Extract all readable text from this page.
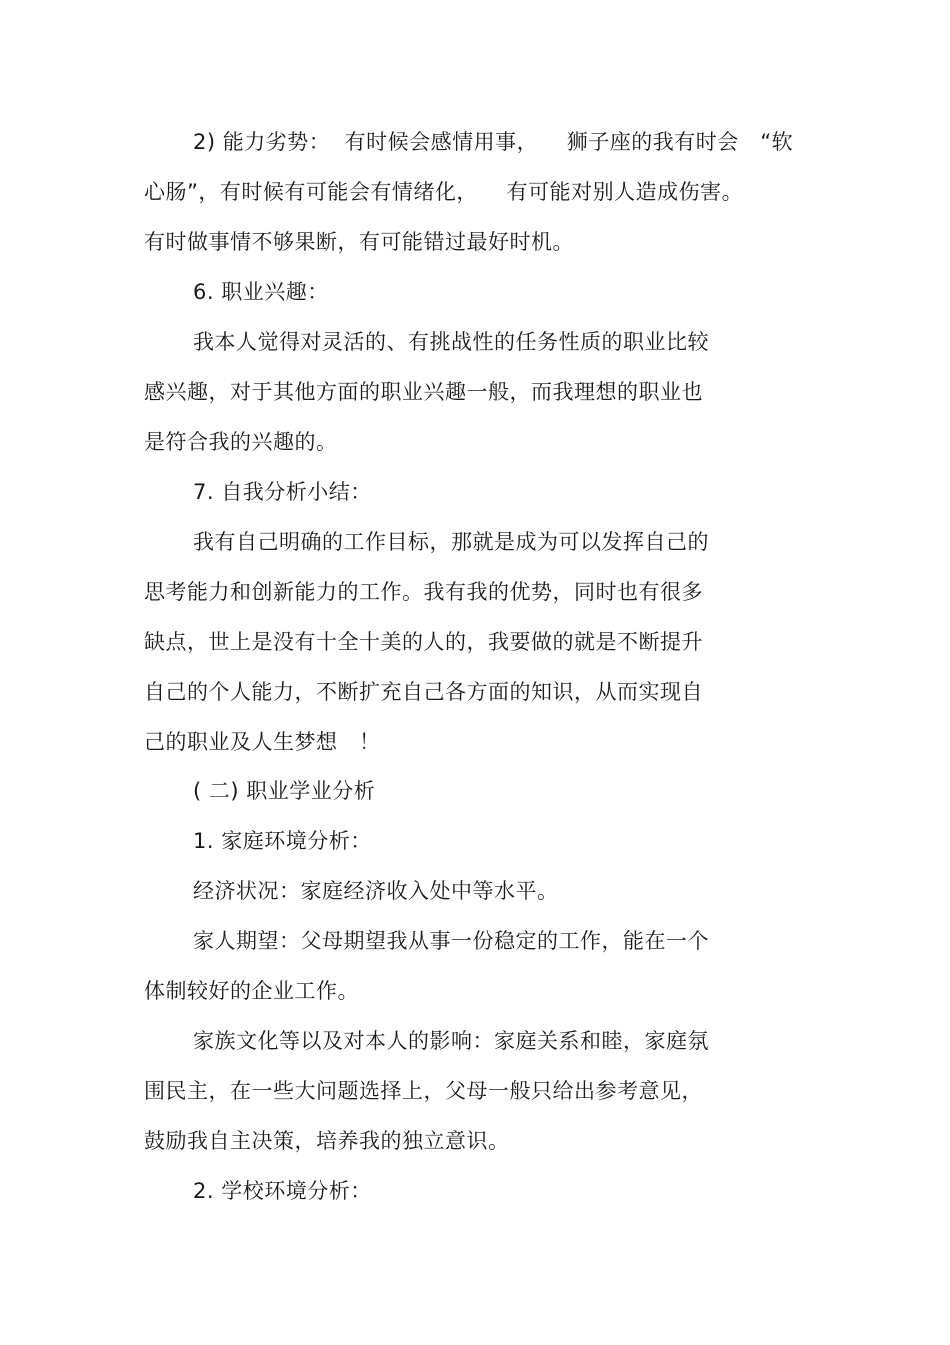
2) 能力劣势：  有时候会感情用事，    狮子座的我有时会   “软
心肠”，有时候有可能会有情绪化，    有可能对别人造成伤害。
有时做事情不够果断，有可能错过最好时机。
6. 职业兴趣：
我本人觉得对灵活的、有挑战性的任务性质的职业比较
感兴趣，对于其他方面的职业兴趣一般，而我理想的职业也
是符合我的兴趣的。
7. 自我分析小结：
我有自己明确的工作目标，那就是成为可以发挥自己的
思考能力和创新能力的工作。我有我的优势，同时也有很多
缺点，世上是没有十全十美的人的，我要做的就是不断提升
自己的个人能力，不断扩充自己各方面的知识，从而实现自
己的职业及人生梦想   ！
( 二) 职业学业分析
1. 家庭环境分析：
经济状况：家庭经济收入处中等水平。
家人期望：父母期望我从事一份稳定的工作，能在一个
体制较好的企业工作。
家族文化等以及对本人的影响：家庭关系和睦，家庭氛
围民主，在一些大问题选择上，父母一般只给出参考意见，
鼓励我自主决策，培养我的独立意识。
2. 学校环境分析：
